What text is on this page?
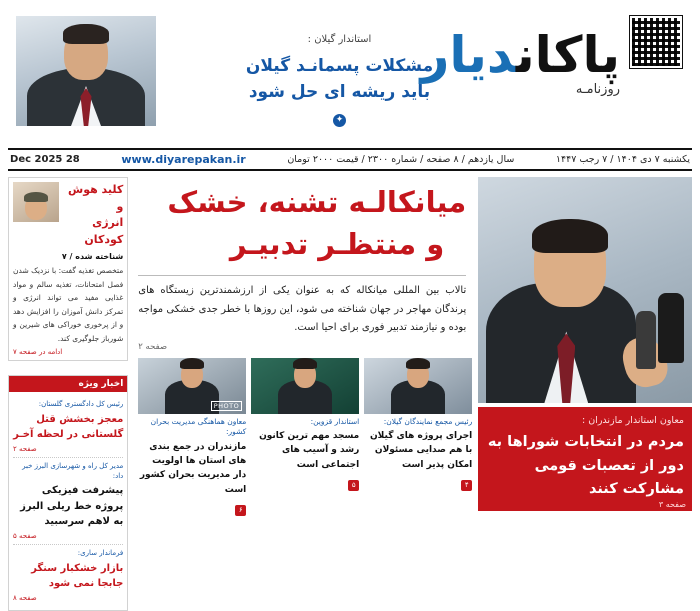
پاکاندیار
روزنامـه
استاندار گیلان :
مشکلات پسمانـد گیلان
باید ریشه ای حل شود
✦
یکشنبه ۷ دی ۱۴۰۴ / ۷ رجب ۱۴۴۷
سال یازدهم / ۸ صفحه / شماره ۲۳۰۰ / قیمت ۲۰۰۰ تومان
www.diyarepakan.ir
28 Dec 2025
معاون استاندار مازندران :
مردم در انتخابات شوراها به دور از تعصبات قومی مشارکت کنند
صفحه ۳
میانکالـه تشنه، خشک
و منتظـر تدبیـر
تالاب بین المللی میانکاله که به عنوان یکی از ارزشمندترین زیستگاه های پرندگان مهاجر در جهان شناخته می شود، این روزها با خطر جدی خشکی مواجه بوده و نیازمند تدبیر فوری برای احیا است.
صفحه ۲
رئیس مجمع نمایندگان گیلان:
اجرای پروژه های گیلان با هم صدایی مسئولان امکان پذیر است
۴
استاندار قزوین:
مسجد مهم ترین کانون رشد و آسیب های اجتماعی است
۵
PHOTO
معاون هماهنگی مدیریت بحران کشور:
مازندران در جمع بندی های استان ها اولویت دار مدیریت بحران کشور است
۶
کلید هوش و
انرژی کودکان
شناخته شده / ۷
متخصص تغذیه گفت: با نزدیک شدن فصل امتحانات، تغذیه سالم و مواد غذایی مفید می تواند انرژی و تمرکز دانش آموزان را افزایش دهد و از پرخوری خوراکی های شیرین و شورباز جلوگیری کند.
ادامه در صفحه ۷
اخبار ویژه
رئیس کل دادگستری گلستان:
معجز بخشش قتل گلستانی در لحظه آخـر
صفحه ۲
مدیر کل راه و شهرسازی البرز خبر داد:
پیشرفت فیزیکی پروژه خط ریلی البرز به لاهم سرسبید
صفحه ۵
فرماندار ساری:
بازار خشکبار سنگر جابجا نمی شود
صفحه ۸
